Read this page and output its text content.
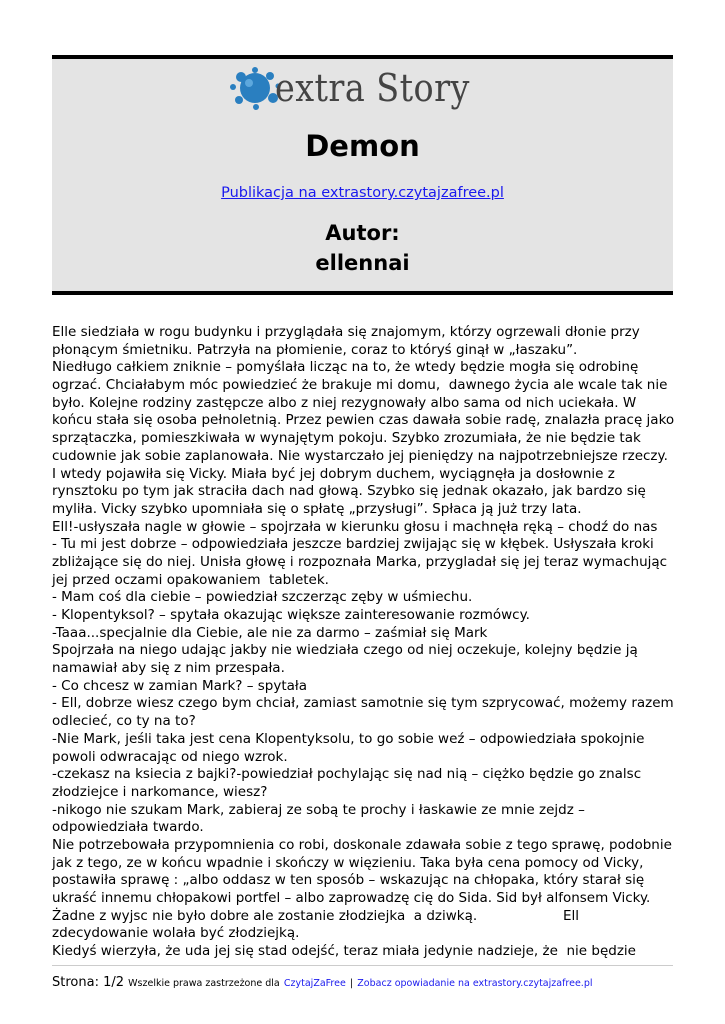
extra Story
Demon
Publikacja na extrastory.czytajzafree.pl
Autor:
ellennai
Elle siedziała w rogu budynku i przyglądała się znajomym, którzy ogrzewali dłonie przy
płonącym śmietniku. Patrzyła na płomienie, coraz to któryś ginął w „łaszaku”.
Niedługo całkiem zniknie – pomyślała licząc na to, że wtedy będzie mogła się odrobinę
ogrzać. Chciałabym móc powiedzieć że brakuje mi domu,  dawnego życia ale wcale tak nie
było. Kolejne rodziny zastępcze albo z niej rezygnowały albo sama od nich uciekała. W
końcu stała się osoba pełnoletnią. Przez pewien czas dawała sobie radę, znalazła pracę jako
sprzątaczka, pomieszkiwała w wynajętym pokoju. Szybko zrozumiała, że nie będzie tak
cudownie jak sobie zaplanowała. Nie wystarczało jej pieniędzy na najpotrzebniejsze rzeczy.
I wtedy pojawiła się Vicky. Miała być jej dobrym duchem, wyciągnęła ja dosłownie z
rynsztoku po tym jak straciła dach nad głową. Szybko się jednak okazało, jak bardzo się
myliła. Vicky szybko upomniała się o spłatę „przysługi”. Spłaca ją już trzy lata.
Ell!-usłyszała nagle w głowie – spojrzała w kierunku głosu i machnęła ręką – chodź do nas
- Tu mi jest dobrze – odpowiedziała jeszcze bardziej zwijając się w kłębek. Usłyszała kroki
zbliżające się do niej. Unisła głowę i rozpoznała Marka, przygladał się jej teraz wymachując
jej przed oczami opakowaniem  tabletek.
- Mam coś dla ciebie – powiedział szczerząc zęby w uśmiechu.
- Klopentyksol? – spytała okazując większe zainteresowanie rozmówcy.
-Taaa...specjalnie dla Ciebie, ale nie za darmo – zaśmiał się Mark
Spojrzała na niego udając jakby nie wiedziała czego od niej oczekuje, kolejny będzie ją
namawiał aby się z nim przespała.
- Co chcesz w zamian Mark? – spytała
- Ell, dobrze wiesz czego bym chciał, zamiast samotnie się tym szprycować, możemy razem
odlecieć, co ty na to?
-Nie Mark, jeśli taka jest cena Klopentyksolu, to go sobie weź – odpowiedziała spokojnie
powoli odwracając od niego wzrok.
-czekasz na ksiecia z bajki?-powiedział pochylając się nad nią – ciężko będzie go znalsc
złodziejce i narkomance, wiesz?
-nikogo nie szukam Mark, zabieraj ze sobą te prochy i łaskawie ze mnie zejdz –
odpowiedziała twardo.
Nie potrzebowała przypomnienia co robi, doskonale zdawała sobie z tego sprawę, podobnie
jak z tego, ze w końcu wpadnie i skończy w więzieniu. Taka była cena pomocy od Vicky,
postawiła sprawę : „albo oddasz w ten sposób – wskazując na chłopaka, który starał się
ukraść innemu chłopakowi portfel – albo zaprowadzę cię do Sida. Sid był alfonsem Vicky.
Żadne z wyjsc nie było dobre ale zostanie złodziejka  a dziwką.                    Ell
zdecydowanie wolała być złodziejką.
Kiedyś wierzyła, że uda jej się stad odejść, teraz miała jedynie nadzieje, że  nie będzie
Strona: 1/2 Wszelkie prawa zastrzeżone dla CzytajZaFree | Zobacz opowiadanie na extrastory.czytajzafree.pl
